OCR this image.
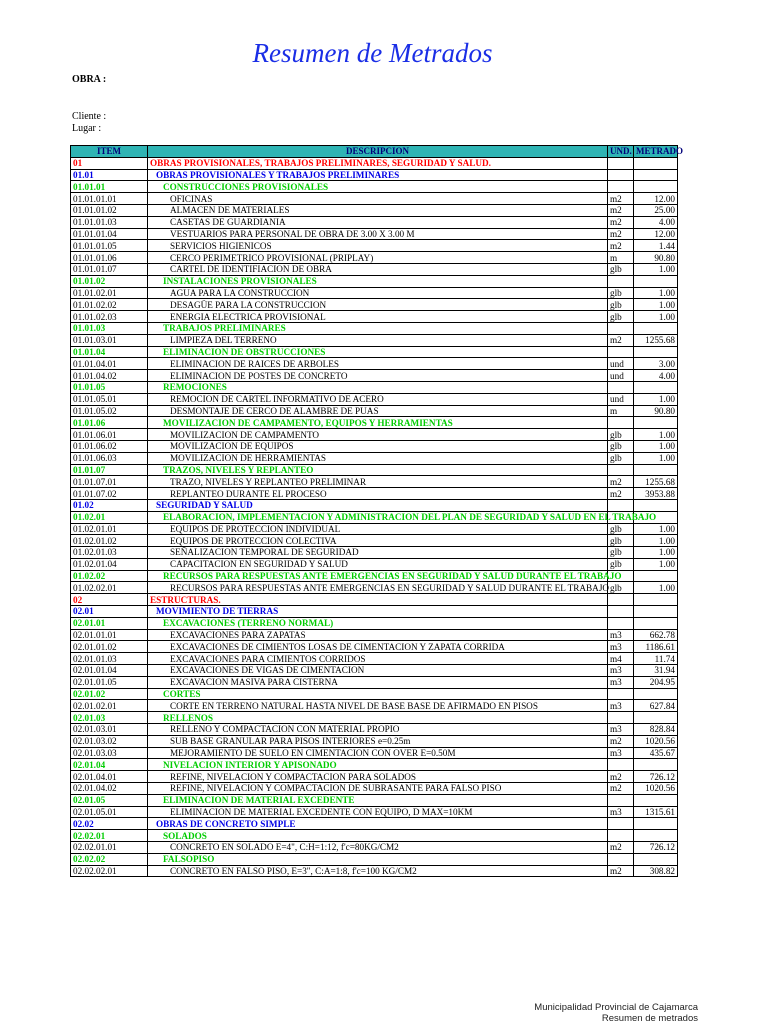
Resumen de Metrados
OBRA :
Cliente :
Lugar :
ITEM	DESCRIPCION	UND.	METRADO
01	OBRAS PROVISIONALES, TRABAJOS PRELIMINARES, SEGURIDAD Y SALUD.		
01.01	OBRAS PROVISIONALES Y TRABAJOS PRELIMINARES		
01.01.01	CONSTRUCCIONES PROVISIONALES		
01.01.01.01	OFICINAS	m2	12.00
01.01.01.02	ALMACEN DE MATERIALES	m2	25.00
01.01.01.03	CASETAS DE GUARDIANIA	m2	4.00
01.01.01.04	VESTUARIOS PARA PERSONAL DE OBRA DE 3.00 X 3.00 M	m2	12.00
01.01.01.05	SERVICIOS HIGIENICOS	m2	1.44
01.01.01.06	CERCO PERIMETRICO PROVISIONAL (PRIPLAY)	m	90.80
01.01.01.07	CARTEL DE IDENTIFIACION DE OBRA	glb	1.00
01.01.02	INSTALACIONES PROVISIONALES		
01.01.02.01	AGUA PARA LA CONSTRUCCION	glb	1.00
01.01.02.02	DESAGÜE PARA LA CONSTRUCCION	glb	1.00
01.01.02.03	ENERGIA ELECTRICA PROVISIONAL	glb	1.00
01.01.03	TRABAJOS PRELIMINARES		
01.01.03.01	LIMPIEZA DEL TERRENO	m2	1255.68
01.01.04	ELIMINACION DE OBSTRUCCIONES		
01.01.04.01	ELIMINACION DE RAICES DE ARBOLES	und	3.00
01.01.04.02	ELIMINACION DE POSTES DE CONCRETO	und	4.00
01.01.05	REMOCIONES		
01.01.05.01	REMOCION DE CARTEL INFORMATIVO DE ACERO	und	1.00
01.01.05.02	DESMONTAJE DE CERCO DE ALAMBRE DE PUAS	m	90.80
01.01.06	MOVILIZACION DE CAMPAMENTO, EQUIPOS Y HERRAMIENTAS		
01.01.06.01	MOVILIZACION DE CAMPAMENTO	glb	1.00
01.01.06.02	MOVILIZACION DE EQUIPOS	glb	1.00
01.01.06.03	MOVILIZACION DE HERRAMIENTAS	glb	1.00
01.01.07	TRAZOS, NIVELES Y REPLANTEO		
01.01.07.01	TRAZO, NIVELES Y REPLANTEO PRELIMINAR	m2	1255.68
01.01.07.02	REPLANTEO DURANTE EL PROCESO	m2	3953.88
01.02	SEGURIDAD Y SALUD		
01.02.01	ELABORACION, IMPLEMENTACION Y ADMINISTRACION DEL PLAN DE SEGURIDAD Y SALUD EN EL TRABAJO		
01.02.01.01	EQUIPOS DE PROTECCION INDIVIDUAL	glb	1.00
01.02.01.02	EQUIPOS DE PROTECCION COLECTIVA	glb	1.00
01.02.01.03	SEÑALIZACION TEMPORAL DE SEGURIDAD	glb	1.00
01.02.01.04	CAPACITACION EN SEGURIDAD Y SALUD	glb	1.00
01.02.02	RECURSOS PARA RESPUESTAS ANTE EMERGENCIAS EN SEGURIDAD Y SALUD DURANTE EL TRABAJO		
01.02.02.01	RECURSOS PARA RESPUESTAS ANTE EMERGENCIAS EN SEGURIDAD Y SALUD DURANTE EL TRABAJO	glb	1.00
02	ESTRUCTURAS.		
02.01	MOVIMIENTO DE TIERRAS		
02.01.01	EXCAVACIONES (TERRENO NORMAL)		
02.01.01.01	EXCAVACIONES PARA ZAPATAS	m3	662.78
02.01.01.02	EXCAVACIONES DE CIMIENTOS LOSAS DE CIMENTACION Y ZAPATA CORRIDA	m3	1186.61
02.01.01.03	EXCAVACIONES PARA CIMIENTOS CORRIDOS	m4	11.74
02.01.01.04	EXCAVACIONES DE VIGAS DE CIMENTACION	m3	31.94
02.01.01.05	EXCAVACION MASIVA PARA CISTERNA	m3	204.95
02.01.02	CORTES		
02.01.02.01	CORTE EN TERRENO NATURAL HASTA NIVEL DE BASE BASE DE AFIRMADO EN PISOS	m3	627.84
02.01.03	RELLENOS		
02.01.03.01	RELLENO Y COMPACTACION CON MATERIAL PROPIO	m3	828.84
02.01.03.02	SUB BASE GRANULAR PARA PISOS INTERIORES e=0.25m	m2	1020.56
02.01.03.03	MEJORAMIENTO DE SUELO EN CIMENTACION CON OVER E=0.50M	m3	435.67
02.01.04	NIVELACION INTERIOR Y APISONADO		
02.01.04.01	REFINE, NIVELACION Y COMPACTACION PARA SOLADOS	m2	726.12
02.01.04.02	REFINE, NIVELACION Y COMPACTACION DE SUBRASANTE PARA FALSO PISO	m2	1020.56
02.01.05	ELIMINACION DE MATERIAL EXCEDENTE		
02.01.05.01	ELIMINACION DE MATERIAL EXCEDENTE CON EQUIPO, D MAX=10KM	m3	1315.61
02.02	OBRAS DE CONCRETO SIMPLE		
02.02.01	SOLADOS		
02.02.01.01	CONCRETO EN SOLADO E=4", C:H=1:12, f'c=80KG/CM2	m2	726.12
02.02.02	FALSOPISO		
02.02.02.01	CONCRETO EN FALSO PISO, E=3", C:A=1:8, f'c=100 KG/CM2	m2	308.82
Municipalidad Provincial de Cajamarca
Resumen de metrados
